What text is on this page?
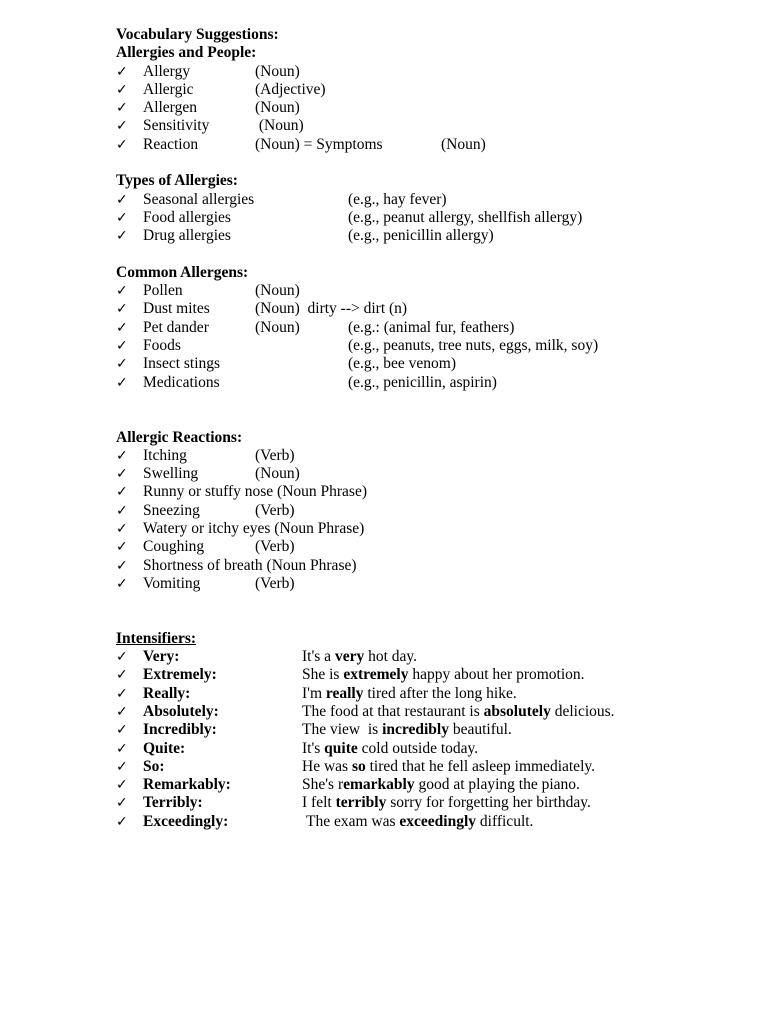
Vocabulary Suggestions:
Allergies and People:
✓ Allergy	(Noun)
✓ Allergic	(Adjective)
✓ Allergen	(Noun)
✓ Sensitivity	(Noun)
✓ Reaction	(Noun) = Symptoms	(Noun)
Types of Allergies:
✓ Seasonal allergies	(e.g., hay fever)
✓ Food allergies	(e.g., peanut allergy, shellfish allergy)
✓ Drug allergies	(e.g., penicillin allergy)
Common Allergens:
✓ Pollen	(Noun)
✓ Dust mites	(Noun)  dirty --> dirt (n)
✓ Pet dander	(Noun)	(e.g.: (animal fur, feathers)
✓ Foods	(e.g., peanuts, tree nuts, eggs, milk, soy)
✓ Insect stings	(e.g., bee venom)
✓ Medications	(e.g., penicillin, aspirin)
Allergic Reactions:
✓ Itching	(Verb)
✓ Swelling	(Noun)
✓ Runny or stuffy nose (Noun Phrase)
✓ Sneezing	(Verb)
✓ Watery or itchy eyes (Noun Phrase)
✓ Coughing	(Verb)
✓ Shortness of breath (Noun Phrase)
✓ Vomiting	(Verb)
Intensifiers:
✓ Very:	It's a very hot day.
✓ Extremely:	She is extremely happy about her promotion.
✓ Really:	I'm really tired after the long hike.
✓ Absolutely:	The food at that restaurant is absolutely delicious.
✓ Incredibly:	The view  is incredibly beautiful.
✓ Quite:	It's quite cold outside today.
✓ So:	He was so tired that he fell asleep immediately.
✓ Remarkably:	She's remarkably good at playing the piano.
✓ Terribly:	I felt terribly sorry for forgetting her birthday.
✓ Exceedingly:	The exam was exceedingly difficult.
